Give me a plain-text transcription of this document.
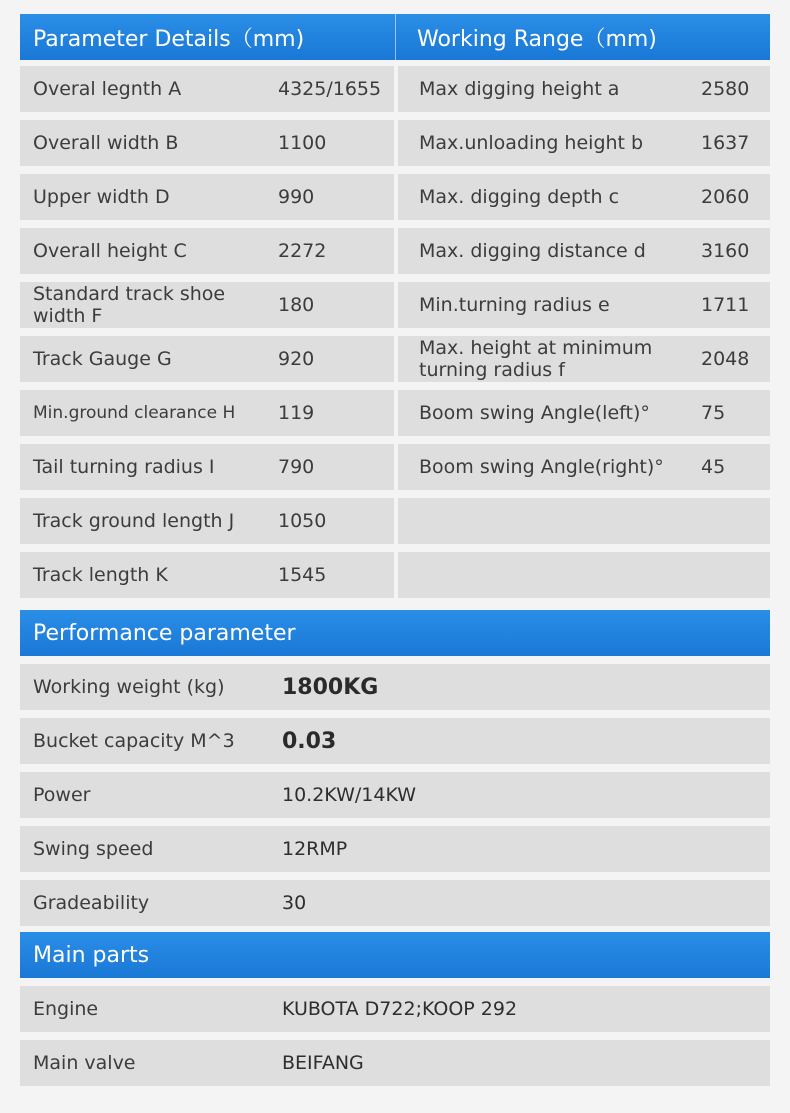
Parameter Details（mm)	Working Range（mm)
Overal legnth A	4325/1655	Max digging height a	2580
Overall width B	1100	Max.unloading height b	1637
Upper width D	990	Max. digging depth c	2060
Overall height C	2272	Max. digging distance d	3160
Standard track shoe width F	180	Min.turning radius e	1711
Track Gauge G	920	Max. height at minimum turning radius f	2048
Min.ground clearance H	119	Boom swing Angle(left)°	75
Tail turning radius I	790	Boom swing Angle(right)°	45
Track ground length J	1050
Track length K	1545
Performance parameter
Working weight (kg)	1800KG
Bucket capacity M^3	0.03
Power	10.2KW/14KW
Swing speed	12RMP
Gradeability	30
Main parts
Engine	KUBOTA D722;KOOP 292
Main valve	BEIFANG
